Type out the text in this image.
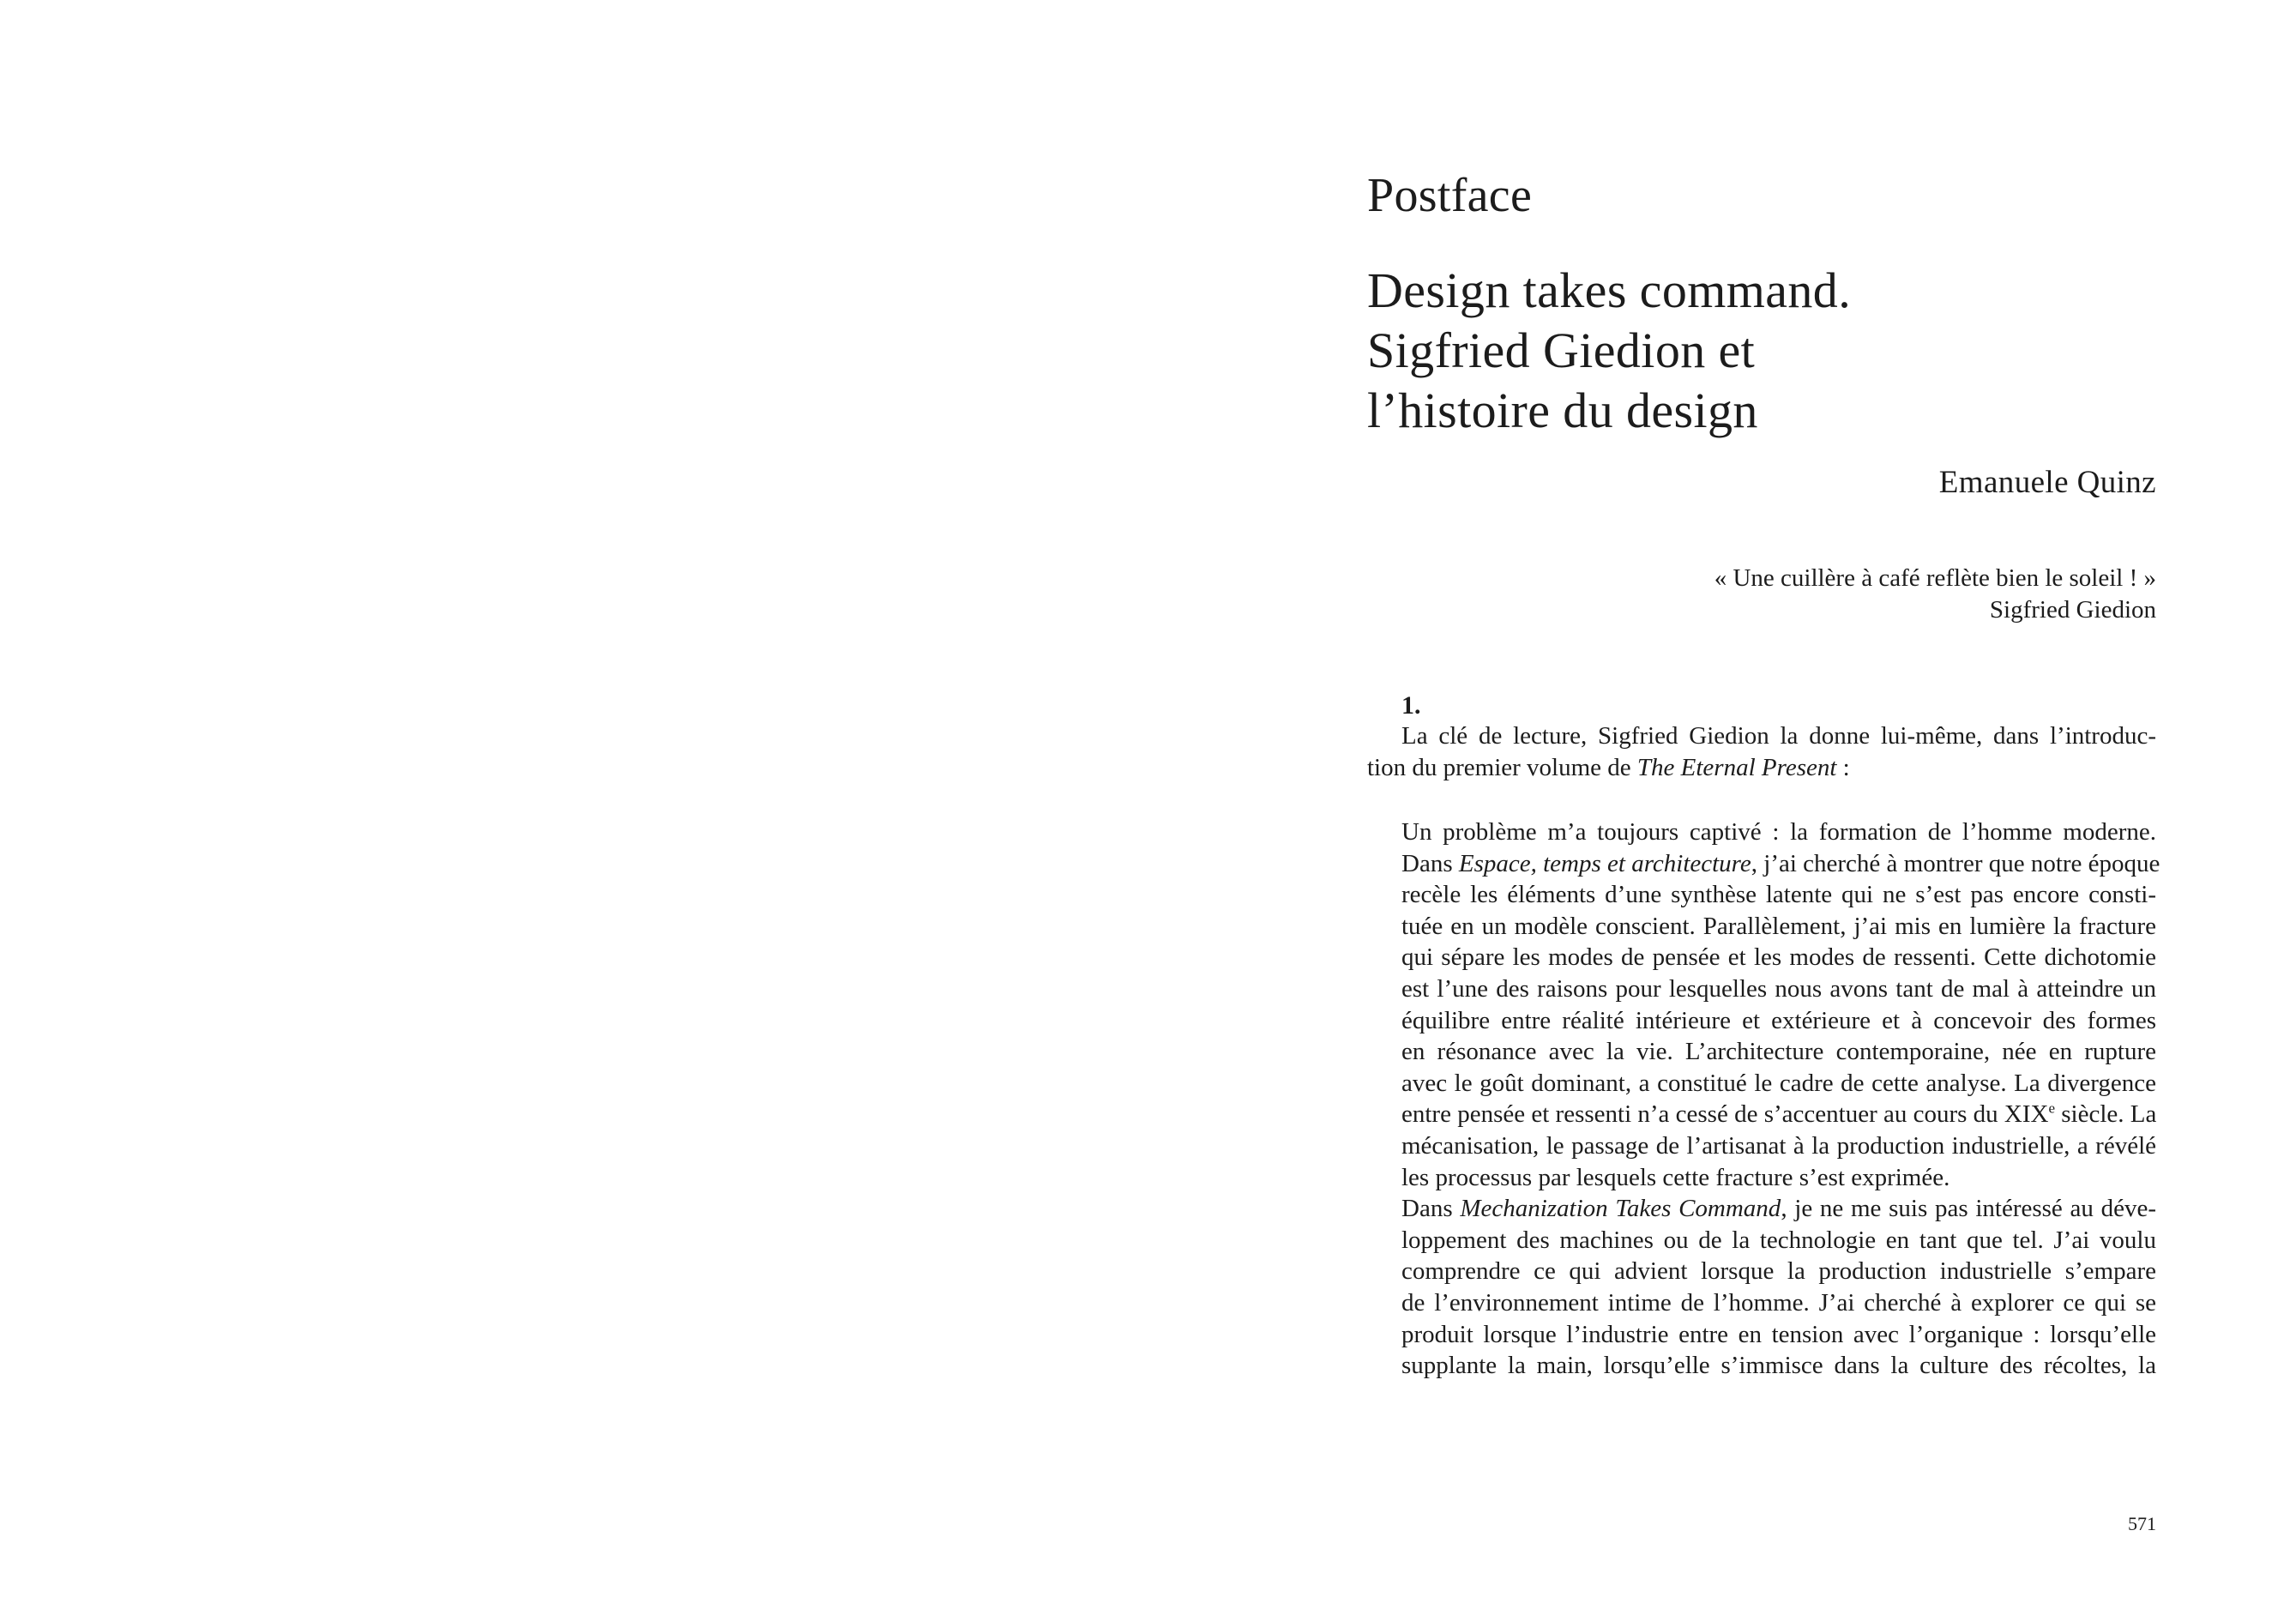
Postface
Design takes command.
Sigfried Giedion et
l’histoire du design
Emanuele Quinz
« Une cuillère à café reflète bien le soleil ! »
Sigfried Giedion
1.
La clé de lecture, Sigfried Giedion la donne lui-même, dans l’introduc-
tion du premier volume de The Eternal Present :
Un problème m’a toujours captivé : la formation de l’homme moderne.
Dans Espace, temps et architecture, j’ai cherché à montrer que notre époque
recèle les éléments d’une synthèse latente qui ne s’est pas encore consti-
tuée en un modèle conscient. Parallèlement, j’ai mis en lumière la fracture
qui sépare les modes de pensée et les modes de ressenti. Cette dichotomie
est l’une des raisons pour lesquelles nous avons tant de mal à atteindre un
équilibre entre réalité intérieure et extérieure et à concevoir des formes
en résonance avec la vie. L’architecture contemporaine, née en rupture
avec le goût dominant, a constitué le cadre de cette analyse. La divergence
entre pensée et ressenti n’a cessé de s’accentuer au cours du XIXe siècle. La
mécanisation, le passage de l’artisanat à la production industrielle, a révélé
les processus par lesquels cette fracture s’est exprimée.
Dans Mechanization Takes Command, je ne me suis pas intéressé au déve-
loppement des machines ou de la technologie en tant que tel. J’ai voulu
comprendre ce qui advient lorsque la production industrielle s’empare
de l’environnement intime de l’homme. J’ai cherché à explorer ce qui se
produit lorsque l’industrie entre en tension avec l’organique : lorsqu’elle
supplante la main, lorsqu’elle s’immisce dans la culture des récoltes, la
571
